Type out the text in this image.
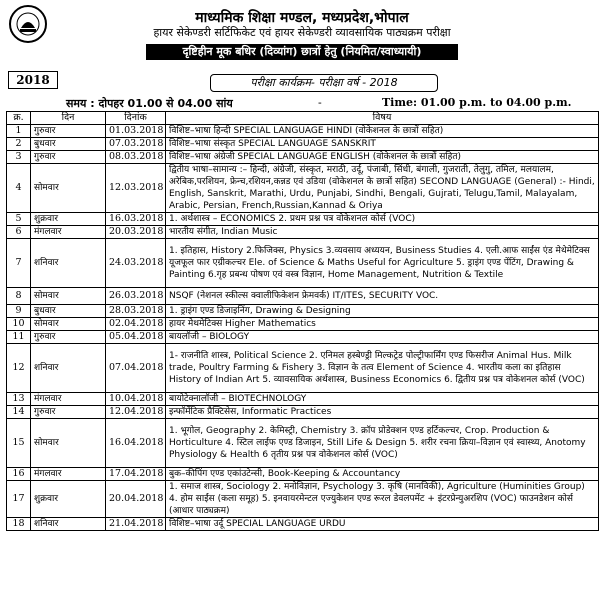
माध्यमिक शिक्षा मण्डल, मध्यप्रदेश,भोपाल
हायर सेकेण्डरी सर्टिफिकेट एवं हायर सेकेण्डरी व्यावसायिक पाठ्यक्रम परीक्षा
दृष्टिहीन मूक बधिर (दिव्यांग) छात्रों हेतु (नियमित/स्वाध्यायी)
2018	परीक्षा कार्यक्रम- परीक्षा वर्ष - 2018
समय : दोपहर 01.00 से 04.00 सांय	-	Time: 01.00 p.m. to 04.00 p.m.
क्र.	दिन	दिनांक	विषय
1	गुरुवार	01.03.2018	विशिष्ट–भाषा हिन्दी SPECIAL LANGUAGE HINDI (वोकेशनल के छात्रों सहित)
2	बुधवार	07.03.2018	विशिष्ट–भाषा संस्कृत SPECIAL LANGUAGE SANSKRIT
3	गुरुवार	08.03.2018	विशिष्ट–भाषा अंग्रेजी SPECIAL LANGUAGE ENGLISH (वोकेशनल के छात्रों सहित)
4	सोमवार	12.03.2018	द्वितीय भाषा–सामान्य :– हिन्दी, अंग्रेजी, संस्कृत, मराठी, उर्दू, पंजाबी, सिंधी, बंगाली, गुजराती, तेलुगु, तमिल, मलयालम, अरेबिक,परशियन, फ्रेन्च,रशियन,कन्नड एवं उडिया (वोकेशनल के छात्रों सहित) SECOND LANGUAGE (General) :- Hindi, English, Sanskrit, Marathi, Urdu, Punjabi, Sindhi, Bengali, Gujrati, Telugu,Tamil, Malayalam, Arabic, Persian, French,Russian,Kannad & Oriya
5	शुक्रवार	16.03.2018	1. अर्थशास्त्र – ECONOMICS 2. प्रथम प्रश्न पत्र वोकेशनल कोर्स (VOC)
6	मंगलवार	20.03.2018	भारतीय संगीत, Indian Music
7	शनिवार	24.03.2018	1. इतिहास, History 2.फिजिक्स, Physics 3.व्यवसाय अध्ययन, Business Studies 4. एली.आफ साईंस एंड मेथेमेटिक्स यूजफूल फार एग्रीकल्चर Ele. of Science & Maths Useful for Agriculture 5. ड्राइंग एण्ड पेंटिंग, Drawing & Painting 6.गृह प्रबन्ध पोषण एवं वस्त्र विज्ञान, Home Management, Nutrition & Textile
8	सोमवार	26.03.2018	NSQF (नेशनल स्कील्स क्वालीफिकेशन फ्रेमवर्क) IT/ITES, SECURITY VOC.
9	बुधवार	28.03.2018	1. ड्राइंग एण्ड डिजाइनिंग, Drawing & Designing
10	सोमवार	02.04.2018	हायर मेथमेटिक्स Higher Mathematics
11	गुरुवार	05.04.2018	बायलॉजी – BIOLOGY
12	शनिवार	07.04.2018	1- राजनीति शास्त्र, Political Science 2. एनिमल हस्बेण्ड्री मिल्कट्रेड पोल्ट्रीफार्मिंग एण्ड फिसरीज Animal Hus. Milk trade, Poultry Farming & Fishery 3. विज्ञान के तत्व Element of Science 4. भारतीय कला का इतिहास History of Indian Art 5. व्यावसायिक अर्थशास्त्र, Business Economics 6. द्वितीय प्रश्न पत्र वोकेशनल कोर्स (VOC)
13	मंगलवार	10.04.2018	बायोटेक्नालॉजी – BIOTECHNOLOGY
14	गुरुवार	12.04.2018	इन्फॉर्मेटिक प्रैक्टिसेस, Informatic Practices
15	सोमवार	16.04.2018	1. भूगोल, Geography 2. केमिस्ट्री, Chemistry 3. क्रॉप प्रोडेक्शन एण्ड हर्टिकल्चर, Crop. Production & Horticulture 4. स्टिल लाईफ एण्ड डिजाइन, Still Life & Design 5. शरीर रचना क्रिया–विज्ञान एवं स्वास्थ्य, Anotomy Physiology & Health 6 तृतीय प्रश्न पत्र वोकेशनल कोर्स (VOC)
16	मंगलवार	17.04.2018	बुक–कीपिंग एण्ड एकांउटेन्सी, Book-Keeping & Accountancy
17	शुक्रवार	20.04.2018	1. समाज शास्त्र, Sociology 2. मनोविज्ञान, Psychology 3. कृषि (मानविकी), Agriculture (Huminities Group) 4. होम साईंस (कला समूह) 5. इनवायरमेन्टल एज्युकेशन एण्ड रूरल डेवलपमेंट + इंटरप्रेन्युअरशिप (VOC) फाउनडेशन कोर्स (आधार पाठ्यक्रम)
18	शनिवार	21.04.2018	विशिष्ट–भाषा उर्दू SPECIAL LANGUAGE URDU
